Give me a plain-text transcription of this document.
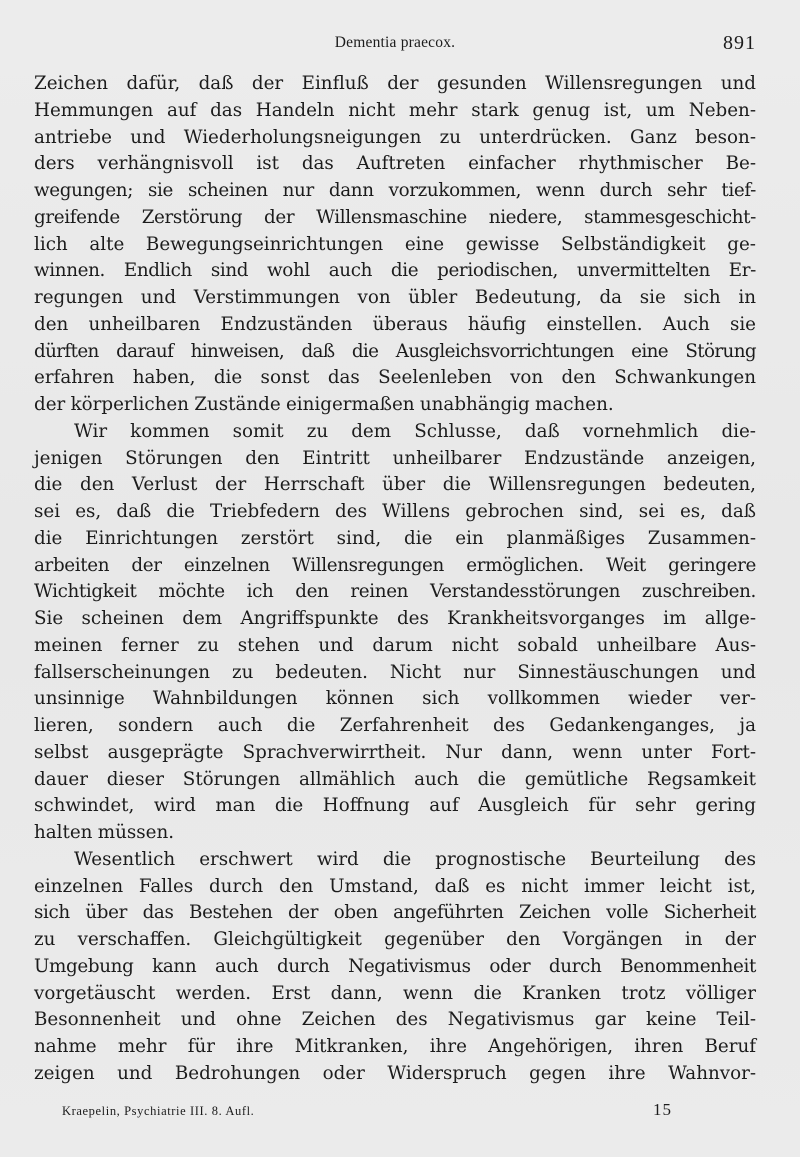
Dementia praecox.	891
Zeichen dafür, daß der Einfluß der gesunden Willensregungen und
Hemmungen auf das Handeln nicht mehr stark genug ist, um Neben-
antriebe und Wiederholungsneigungen zu unterdrücken. Ganz beson-
ders verhängnisvoll ist das Auftreten einfacher rhythmischer Be-
wegungen; sie scheinen nur dann vorzukommen, wenn durch sehr tief-
greifende Zerstörung der Willensmaschine niedere, stammesgeschicht-
lich alte Bewegungseinrichtungen eine gewisse Selbständigkeit ge-
winnen. Endlich sind wohl auch die periodischen, unvermittelten Er-
regungen und Verstimmungen von übler Bedeutung, da sie sich in
den unheilbaren Endzuständen überaus häufig einstellen. Auch sie
dürften darauf hinweisen, daß die Ausgleichsvorrichtungen eine Störung
erfahren haben, die sonst das Seelenleben von den Schwankungen
der körperlichen Zustände einigermaßen unabhängig machen.
Wir kommen somit zu dem Schlusse, daß vornehmlich die-
jenigen Störungen den Eintritt unheilbarer Endzustände anzeigen,
die den Verlust der Herrschaft über die Willensregungen bedeuten,
sei es, daß die Triebfedern des Willens gebrochen sind, sei es, daß
die Einrichtungen zerstört sind, die ein planmäßiges Zusammen-
arbeiten der einzelnen Willensregungen ermöglichen. Weit geringere
Wichtigkeit möchte ich den reinen Verstandesstörungen zuschreiben.
Sie scheinen dem Angriffspunkte des Krankheitsvorganges im allge-
meinen ferner zu stehen und darum nicht sobald unheilbare Aus-
fallserscheinungen zu bedeuten. Nicht nur Sinnestäuschungen und
unsinnige Wahnbildungen können sich vollkommen wieder ver-
lieren, sondern auch die Zerfahrenheit des Gedankenganges, ja
selbst ausgeprägte Sprachverwirrtheit. Nur dann, wenn unter Fort-
dauer dieser Störungen allmählich auch die gemütliche Regsamkeit
schwindet, wird man die Hoffnung auf Ausgleich für sehr gering
halten müssen.
Wesentlich erschwert wird die prognostische Beurteilung des
einzelnen Falles durch den Umstand, daß es nicht immer leicht ist,
sich über das Bestehen der oben angeführten Zeichen volle Sicherheit
zu verschaffen. Gleichgültigkeit gegenüber den Vorgängen in der
Umgebung kann auch durch Negativismus oder durch Benommenheit
vorgetäuscht werden. Erst dann, wenn die Kranken trotz völliger
Besonnenheit und ohne Zeichen des Negativismus gar keine Teil-
nahme mehr für ihre Mitkranken, ihre Angehörigen, ihren Beruf
zeigen und Bedrohungen oder Widerspruch gegen ihre Wahnvor-
Kraepelin, Psychiatrie III. 8. Aufl.	15
